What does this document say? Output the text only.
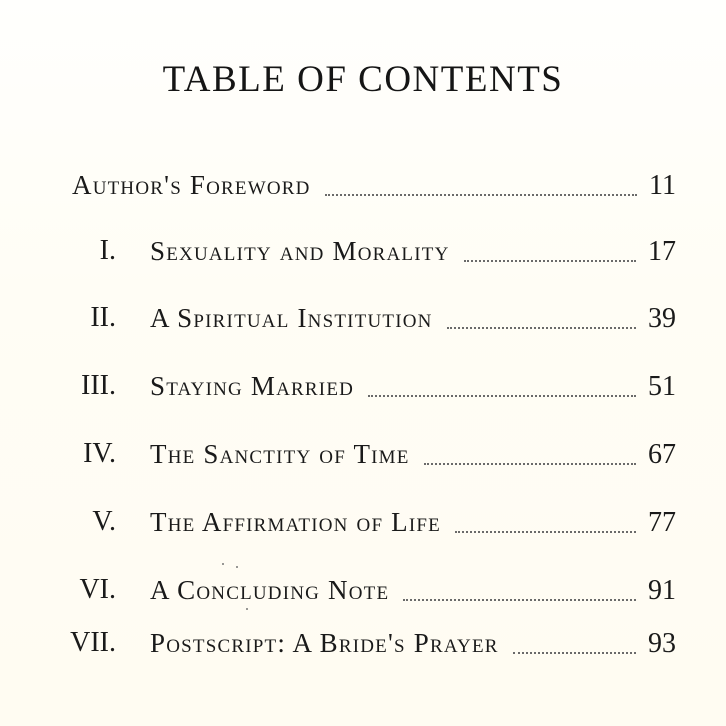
TABLE OF CONTENTS
Author's Foreword	11
I. Sexuality and Morality	17
II. A Spiritual Institution	39
III. Staying Married	51
IV. The Sanctity of Time	67
V. The Affirmation of Life	77
VI. A Concluding Note	91
VII. Postscript: A Bride's Prayer	93
